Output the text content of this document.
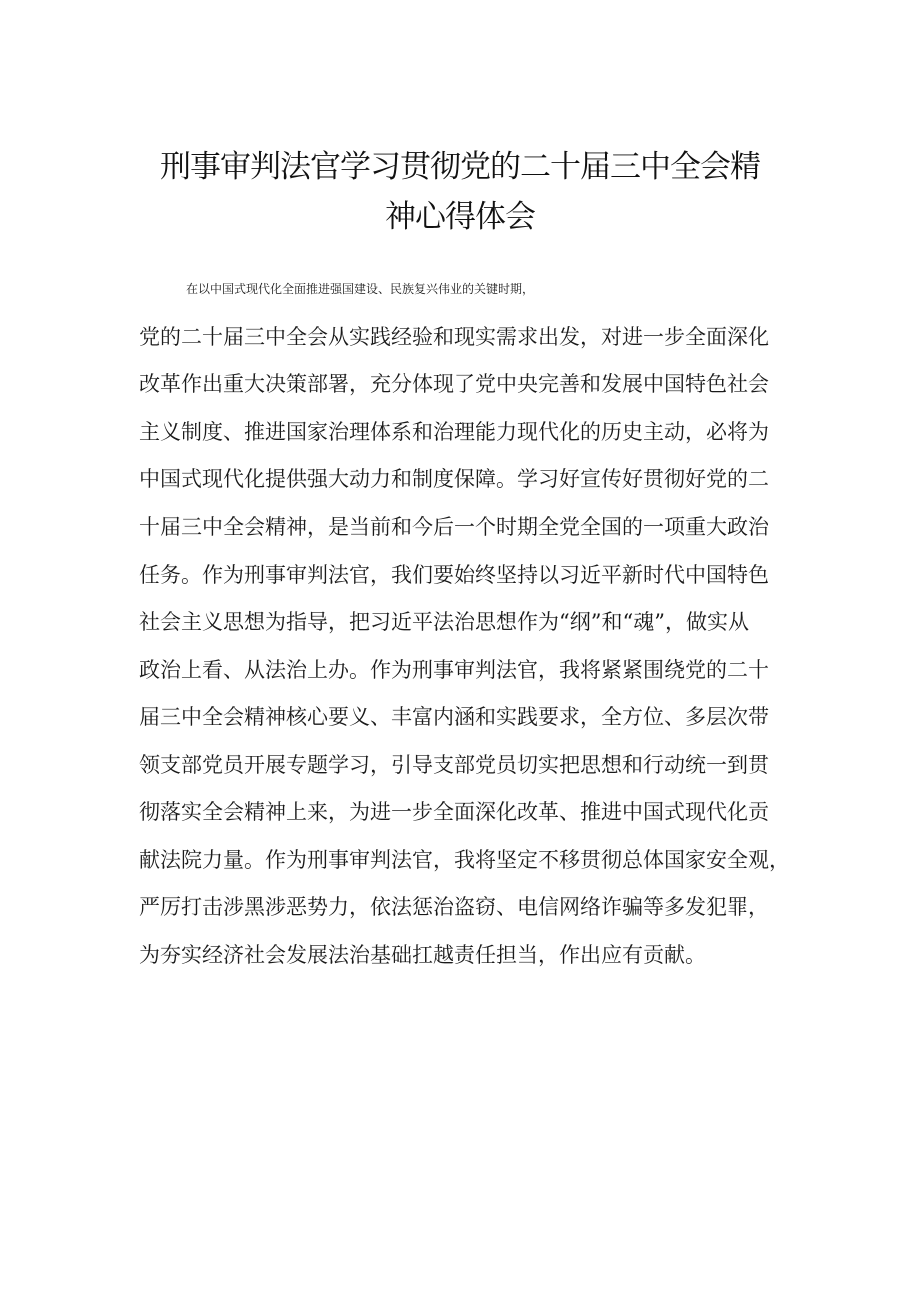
刑事审判法官学习贯彻党的二十届三中全会精
神心得体会

在以中国式现代化全面推进强国建设、民族复兴伟业的关键时期，

党的二十届三中全会从实践经验和现实需求出发，对进一步全面深化

改革作出重大决策部署，充分体现了党中央完善和发展中国特色社会

主义制度、推进国家治理体系和治理能力现代化的历史主动，必将为

中国式现代化提供强大动力和制度保障。学习好宣传好贯彻好党的二

十届三中全会精神，是当前和今后一个时期全党全国的一项重大政治

任务。作为刑事审判法官，我们要始终坚持以习近平新时代中国特色

社会主义思想为指导，把习近平法治思想作为“纲”和“魂”，做实从

政治上看、从法治上办。作为刑事审判法官，我将紧紧围绕党的二十

届三中全会精神核心要义、丰富内涵和实践要求，全方位、多层次带

领支部党员开展专题学习，引导支部党员切实把思想和行动统一到贯

彻落实全会精神上来，为进一步全面深化改革、推进中国式现代化贡

献法院力量。作为刑事审判法官，我将坚定不移贯彻总体国家安全观，

严厉打击涉黑涉恶势力，依法惩治盗窃、电信网络诈骗等多发犯罪，

为夯实经济社会发展法治基础扛越责任担当，作出应有贡献。
